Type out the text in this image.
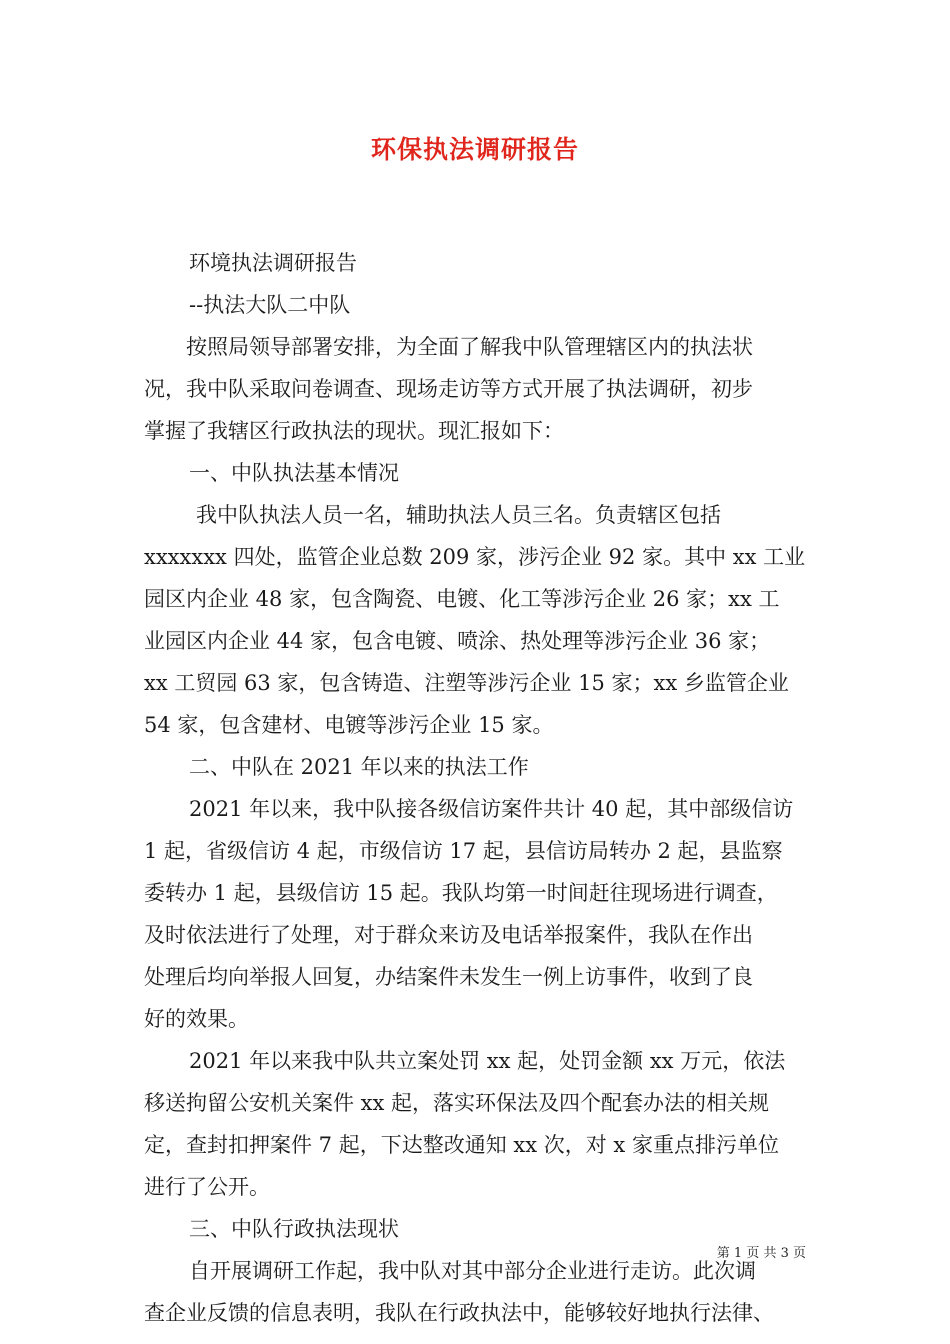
环保执法调研报告

环境执法调研报告

--执法大队二中队

按照局领导部署安排，为全面了解我中队管理辖区内的执法状

况，我中队采取问卷调查、现场走访等方式开展了执法调研，初步

掌握了我辖区行政执法的现状。现汇报如下：

一、中队执法基本情况

我中队执法人员一名，辅助执法人员三名。负责辖区包括

xxxxxxx 四处，监管企业总数 209 家，涉污企业 92 家。其中 xx 工业

园区内企业 48 家，包含陶瓷、电镀、化工等涉污企业 26 家；xx 工

业园区内企业 44 家，包含电镀、喷涂、热处理等涉污企业 36 家；

xx 工贸园 63 家，包含铸造、注塑等涉污企业 15 家；xx 乡监管企业

54 家，包含建材、电镀等涉污企业 15 家。

二、中队在 2021 年以来的执法工作

2021 年以来，我中队接各级信访案件共计 40 起，其中部级信访

1 起，省级信访 4 起，市级信访 17 起，县信访局转办 2 起，县监察

委转办 1 起，县级信访 15 起。我队均第一时间赶往现场进行调查，

及时依法进行了处理，对于群众来访及电话举报案件，我队在作出

处理后均向举报人回复，办结案件未发生一例上访事件，收到了良

好的效果。

2021 年以来我中队共立案处罚 xx 起，处罚金额 xx 万元，依法

移送拘留公安机关案件 xx 起，落实环保法及四个配套办法的相关规

定，查封扣押案件 7 起，下达整改通知 xx 次，对 x 家重点排污单位

进行了公开。

三、中队行政执法现状

自开展调研工作起，我中队对其中部分企业进行走访。此次调

查企业反馈的信息表明，我队在行政执法中，能够较好地执行法律、

第 1 页 共 3 页
